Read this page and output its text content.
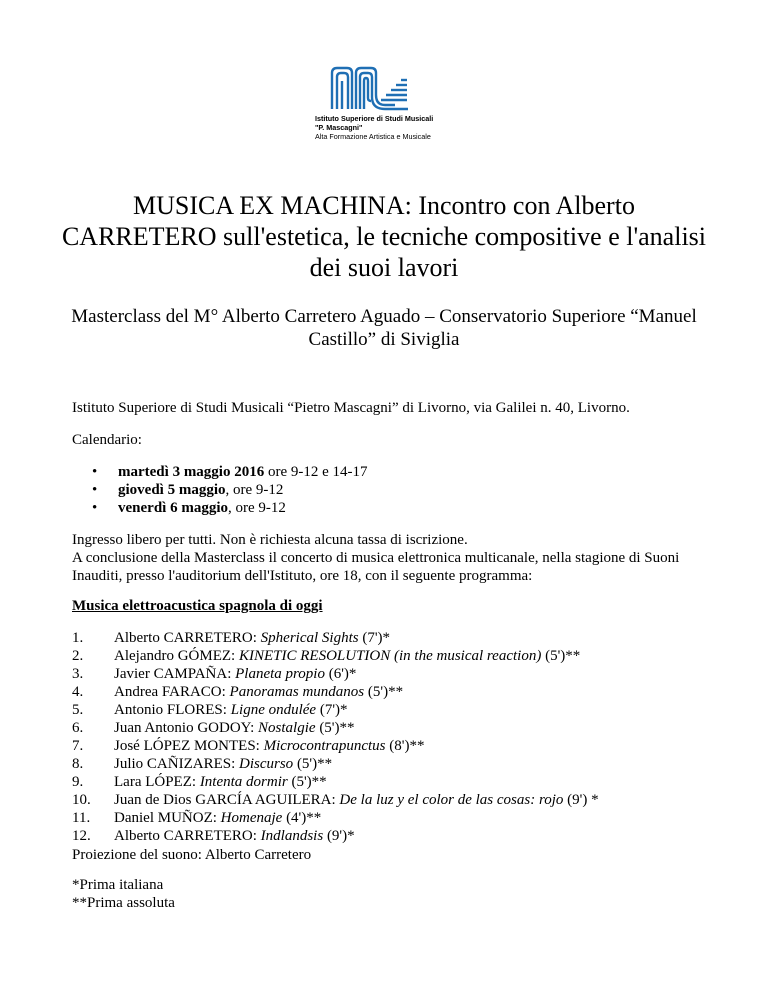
Istituto Superiore di Studi Musicali
"P. Mascagni"
Alta Formazione Artistica e Musicale
MUSICA EX MACHINA: Incontro con Alberto CARRETERO sull'estetica, le tecniche compositive e l'analisi dei suoi lavori
Masterclass del M° Alberto Carretero Aguado – Conservatorio Superiore “Manuel Castillo” di Siviglia
Istituto Superiore di Studi Musicali “Pietro Mascagni” di Livorno, via Galilei n. 40, Livorno.
Calendario:
• martedì 3 maggio 2016 ore 9-12 e 14-17
• giovedì 5 maggio, ore 9-12
• venerdì 6 maggio, ore 9-12
Ingresso libero per tutti. Non è richiesta alcuna tassa di iscrizione.
A conclusione della Masterclass il concerto di musica elettronica multicanale, nella stagione di Suoni Inauditi, presso l'auditorium dell'Istituto, ore 18, con il seguente programma:
Musica elettroacustica spagnola di oggi
1. Alberto CARRETERO: Spherical Sights (7')*
2. Alejandro GÓMEZ: KINETIC RESOLUTION (in the musical reaction) (5')**
3. Javier CAMPAÑA: Planeta propio (6')*
4. Andrea FARACO: Panoramas mundanos (5')**
5. Antonio FLORES: Ligne ondulée (7')*
6. Juan Antonio GODOY: Nostalgie (5')**
7. José LÓPEZ MONTES: Microcontrapunctus (8')**
8. Julio CAÑIZARES: Discurso (5')**
9. Lara LÓPEZ: Intenta dormir (5')**
10. Juan de Dios GARCÍA AGUILERA: De la luz y el color de las cosas: rojo (9') *
11. Daniel MUÑOZ: Homenaje (4')**
12. Alberto CARRETERO: Indlandsis (9')*
Proiezione del suono: Alberto Carretero
*Prima italiana
**Prima assoluta
